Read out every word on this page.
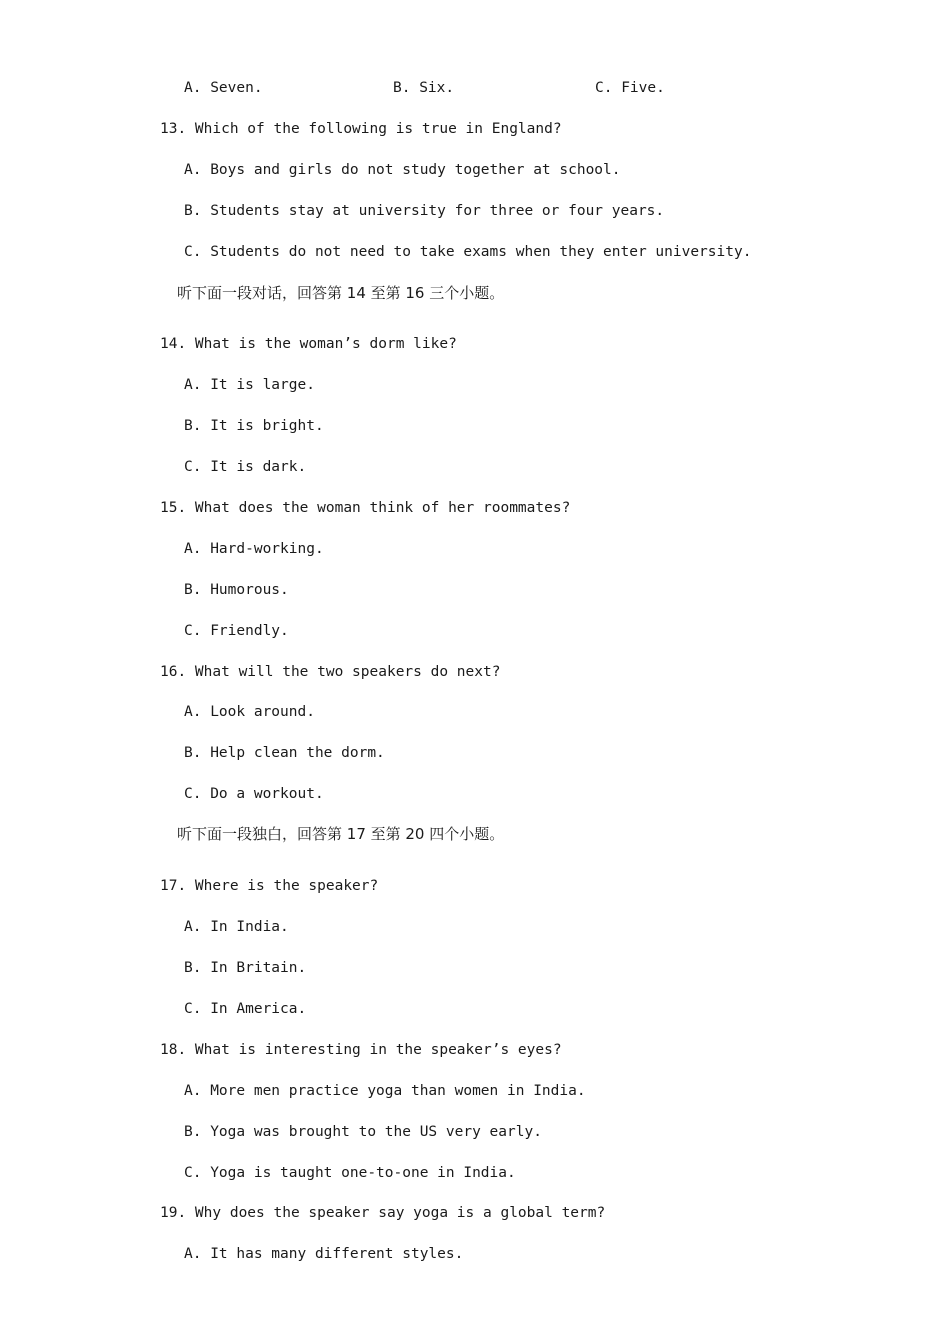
A. Seven.	B. Six.	C. Five.
13. Which of the following is true in England?
A. Boys and girls do not study together at school.
B. Students stay at university for three or four years.
C. Students do not need to take exams when they enter university.
听下面一段对话，回答第 14 至第 16 三个小题。
14. What is the woman’s dorm like?
A. It is large.
B. It is bright.
C. It is dark.
15. What does the woman think of her roommates?
A. Hard-working.
B. Humorous.
C. Friendly.
16. What will the two speakers do next?
A. Look around.
B. Help clean the dorm.
C. Do a workout.
听下面一段独白，回答第 17 至第 20 四个小题。
17. Where is the speaker?
A. In India.
B. In Britain.
C. In America.
18. What is interesting in the speaker’s eyes?
A. More men practice yoga than women in India.
B. Yoga was brought to the US very early.
C. Yoga is taught one-to-one in India.
19. Why does the speaker say yoga is a global term?
A. It has many different styles.
